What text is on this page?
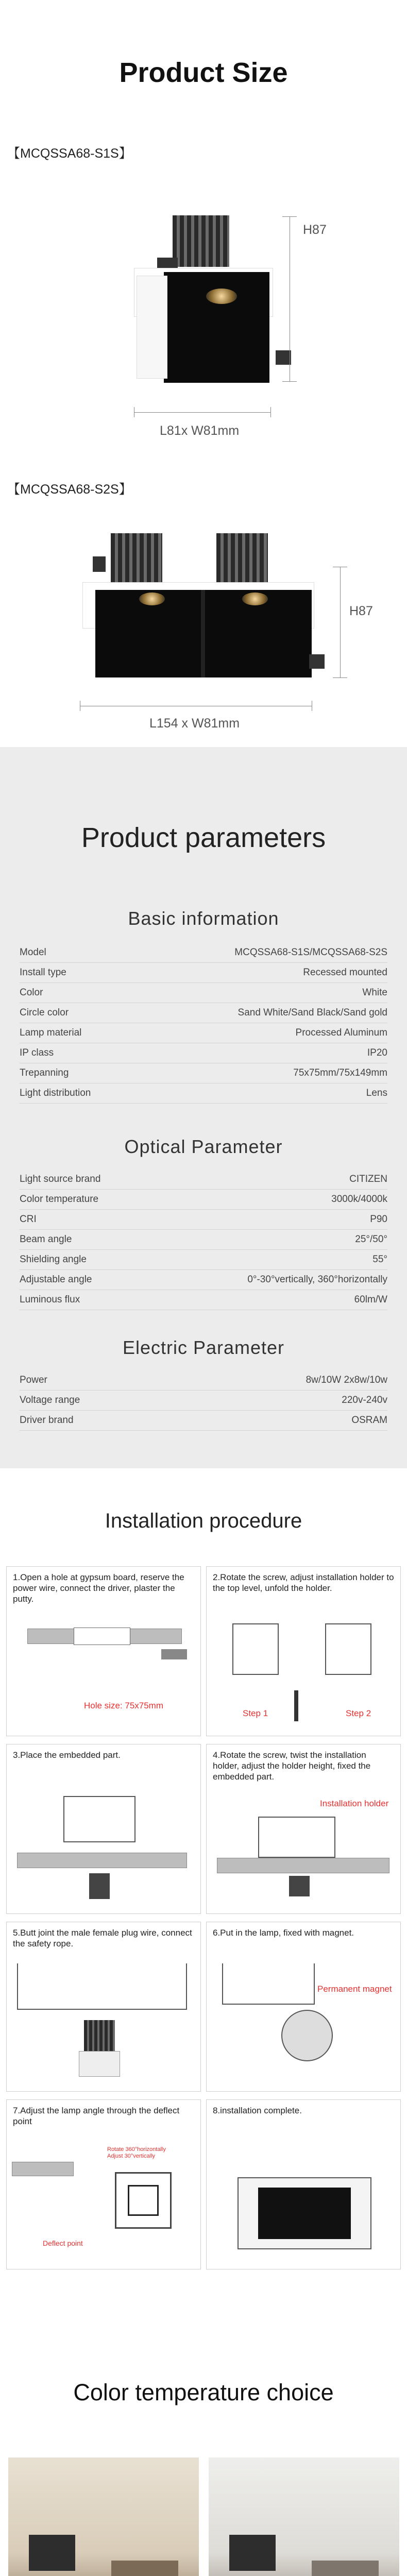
Product Size
【MCQSSA68-S1S】
H87
L81x W81mm
【MCQSSA68-S2S】
H87
L154 x W81mm
Product parameters
Basic information
Model	MCQSSA68-S1S/MCQSSA68-S2S
Install type	Recessed mounted
Color	White
Circle color	Sand White/Sand Black/Sand gold
Lamp material	Processed Aluminum
IP class	IP20
Trepanning	75x75mm/75x149mm
Light distribution	Lens
Optical Parameter
Light source brand	CITIZEN
Color temperature	3000k/4000k
CRI	P90
Beam angle	25°/50°
Shielding angle	55°
Adjustable angle	0°-30°vertically, 360°horizontally
Luminous flux	60lm/W
Electric Parameter
Power	8w/10W 2x8w/10w
Voltage range	220v-240v
Driver brand	OSRAM
Installation procedure
1.Open a hole at gypsum board, reserve the power wire, connect the driver, plaster the putty.
Hole size: 75x75mm
2.Rotate the screw, adjust installation holder to the top level, unfold the holder.
Step 1	Step 2
3.Place the embedded part.	4.Rotate the screw, twist the installation holder, adjust the holder height, fixed the embedded part.
Installation holder
5.Butt joint the male female plug wire, connect the safety rope.
6.Put in the lamp, fixed with magnet.
Permanent magnet
7.Adjust the lamp angle through the deflect point
Rotate 360°horizontally Adjust 30°vertically
Deflect point
8.installation complete.
Color temperature choice
